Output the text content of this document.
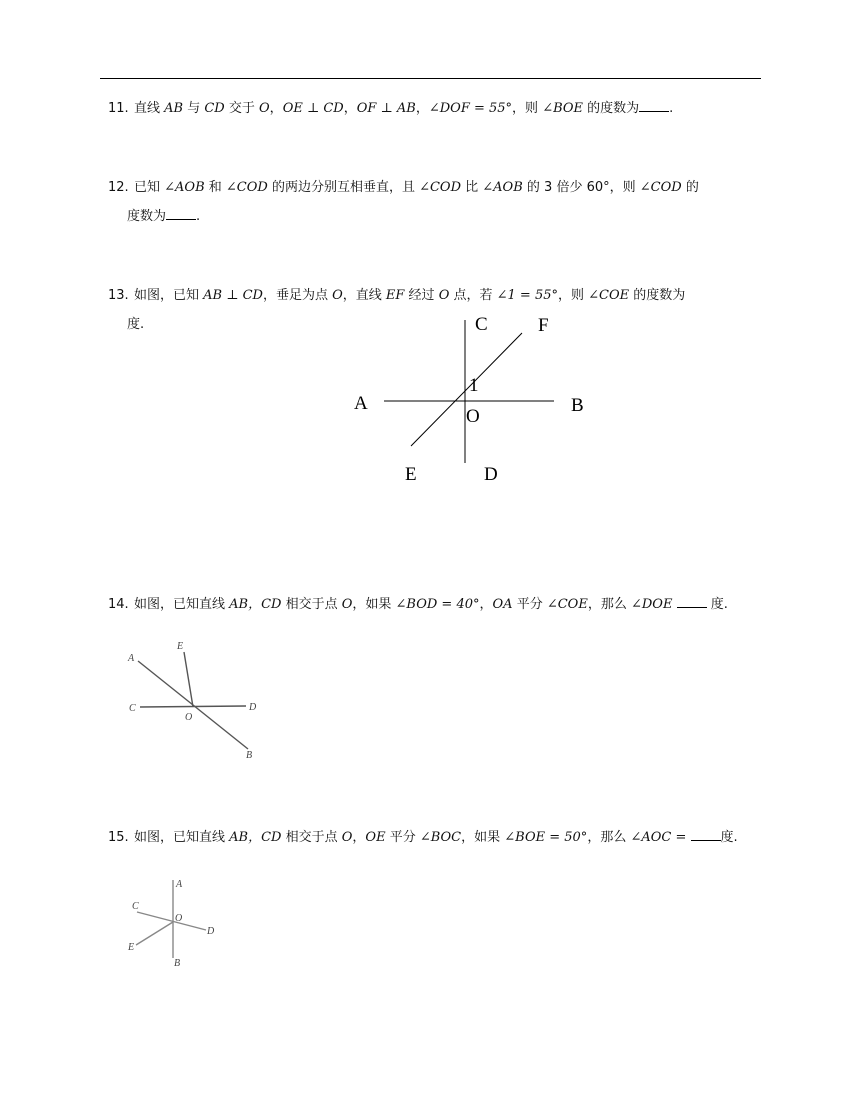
11. 直线 AB 与 CD 交于 O，OE ⊥ CD，OF ⊥ AB，∠DOF = 55°，则 ∠BOE 的度数为 .
12. 已知 ∠AOB 和 ∠COD 的两边分别互相垂直，且 ∠COD 比 ∠AOB 的 3 倍少 60°，则 ∠COD 的
度数为 .
13. 如图，已知 AB ⊥ CD，垂足为点 O，直线 EF 经过 O 点，若 ∠1 = 55°，则 ∠COE 的度数为
度.	C	F
A	B
O
1
E	D
14. 如图，已知直线 AB，CD 相交于点 O，如果 ∠BOD = 40°，OA 平分 ∠COE，那么 ∠DOE	度.
A
E
C
O
D
B
15. 如图，已知直线 AB，CD 相交于点 O，OE 平分 ∠BOC，如果 ∠BOE = 50°，那么 ∠AOC =	度.
A
C
O
D
E
B
